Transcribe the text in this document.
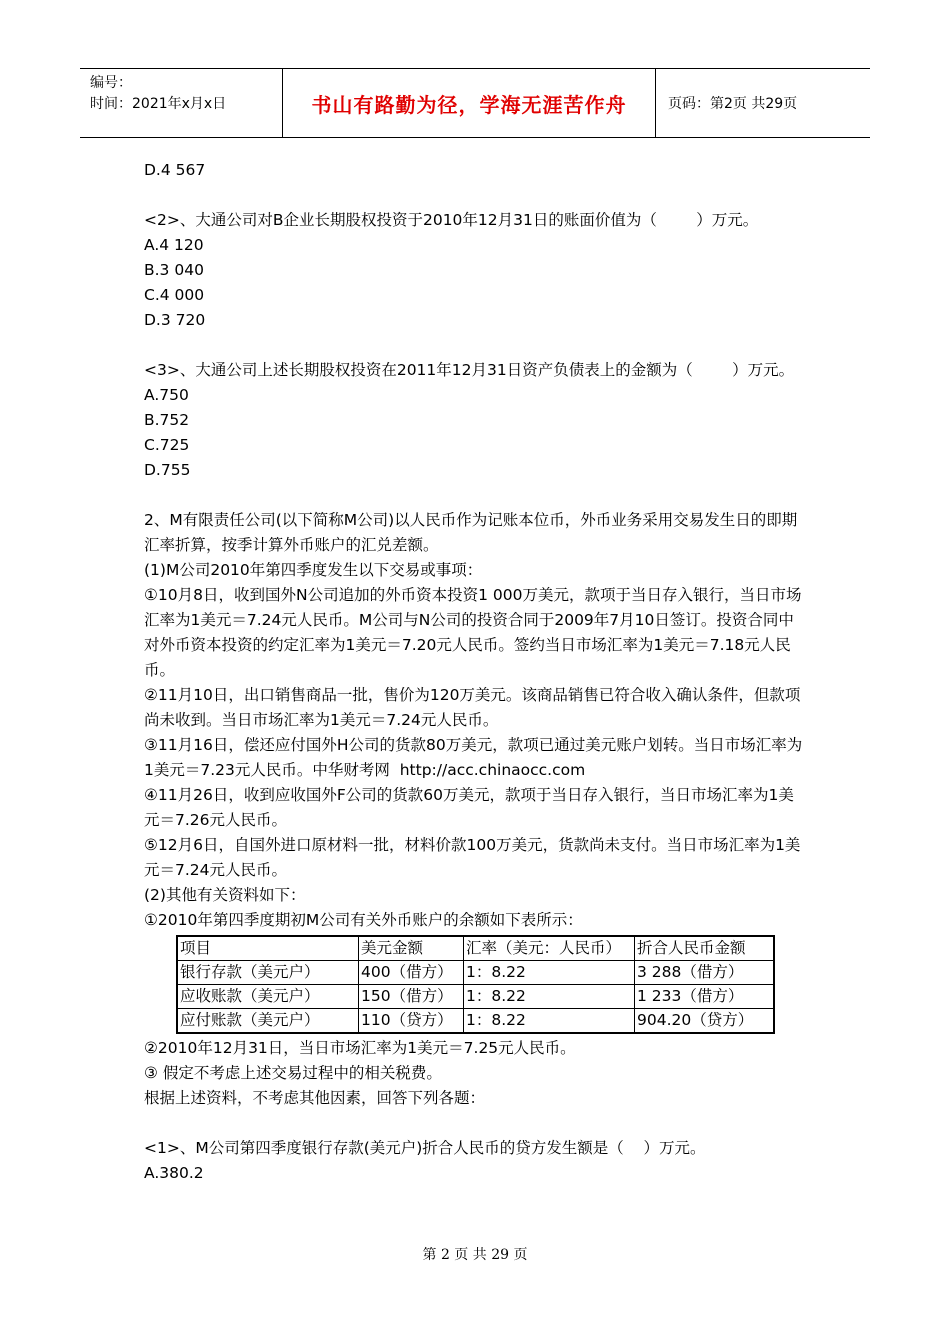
编号：
时间：2021年x月x日	书山有路勤为径，学海无涯苦作舟	页码：第2页 共29页

D.4 567

<2>、大通公司对B企业长期股权投资于2010年12月31日的账面价值为（        ）万元。

A.4 120

B.3 040

C.4 000

D.3 720

<3>、大通公司上述长期股权投资在2011年12月31日资产负债表上的金额为（        ）万元。

A.750

B.752

C.725

D.755

2、M有限责任公司(以下简称M公司)以人民币作为记账本位币，外币业务采用交易发生日的即期汇率折算，按季计算外币账户的汇兑差额。

(1)M公司2010年第四季度发生以下交易或事项：

①10月8日，收到国外N公司追加的外币资本投资1 000万美元，款项于当日存入银行，当日市场汇率为1美元＝7.24元人民币。M公司与N公司的投资合同于2009年7月10日签订。投资合同中对外币资本投资的约定汇率为1美元＝7.20元人民币。签约当日市场汇率为1美元＝7.18元人民币。

②11月10日，出口销售商品一批，售价为120万美元。该商品销售已符合收入确认条件，但款项尚未收到。当日市场汇率为1美元＝7.24元人民币。

③11月16日，偿还应付国外H公司的货款80万美元，款项已通过美元账户划转。当日市场汇率为1美元＝7.23元人民币。中华财考网  http://acc.chinaocc.com

④11月26日，收到应收国外F公司的货款60万美元，款项于当日存入银行，当日市场汇率为1美元＝7.26元人民币。

⑤12月6日，自国外进口原材料一批，材料价款100万美元，货款尚未支付。当日市场汇率为1美元＝7.24元人民币。

(2)其他有关资料如下：

①2010年第四季度期初M公司有关外币账户的余额如下表所示：

项目	美元金额	汇率（美元：人民币）	折合人民币金额
银行存款（美元户）	400（借方）	1：8.22	3 288（借方）
应收账款（美元户）	150（借方）	1：8.22	1 233（借方）
应付账款（美元户）	110（贷方）	1：8.22	904.20（贷方）

②2010年12月31日，当日市场汇率为1美元＝7.25元人民币。

③ 假定不考虑上述交易过程中的相关税费。

根据上述资料，不考虑其他因素，回答下列各题：

<1>、M公司第四季度银行存款(美元户)折合人民币的贷方发生额是（    ）万元。

A.380.2

第 2 页 共 29 页
